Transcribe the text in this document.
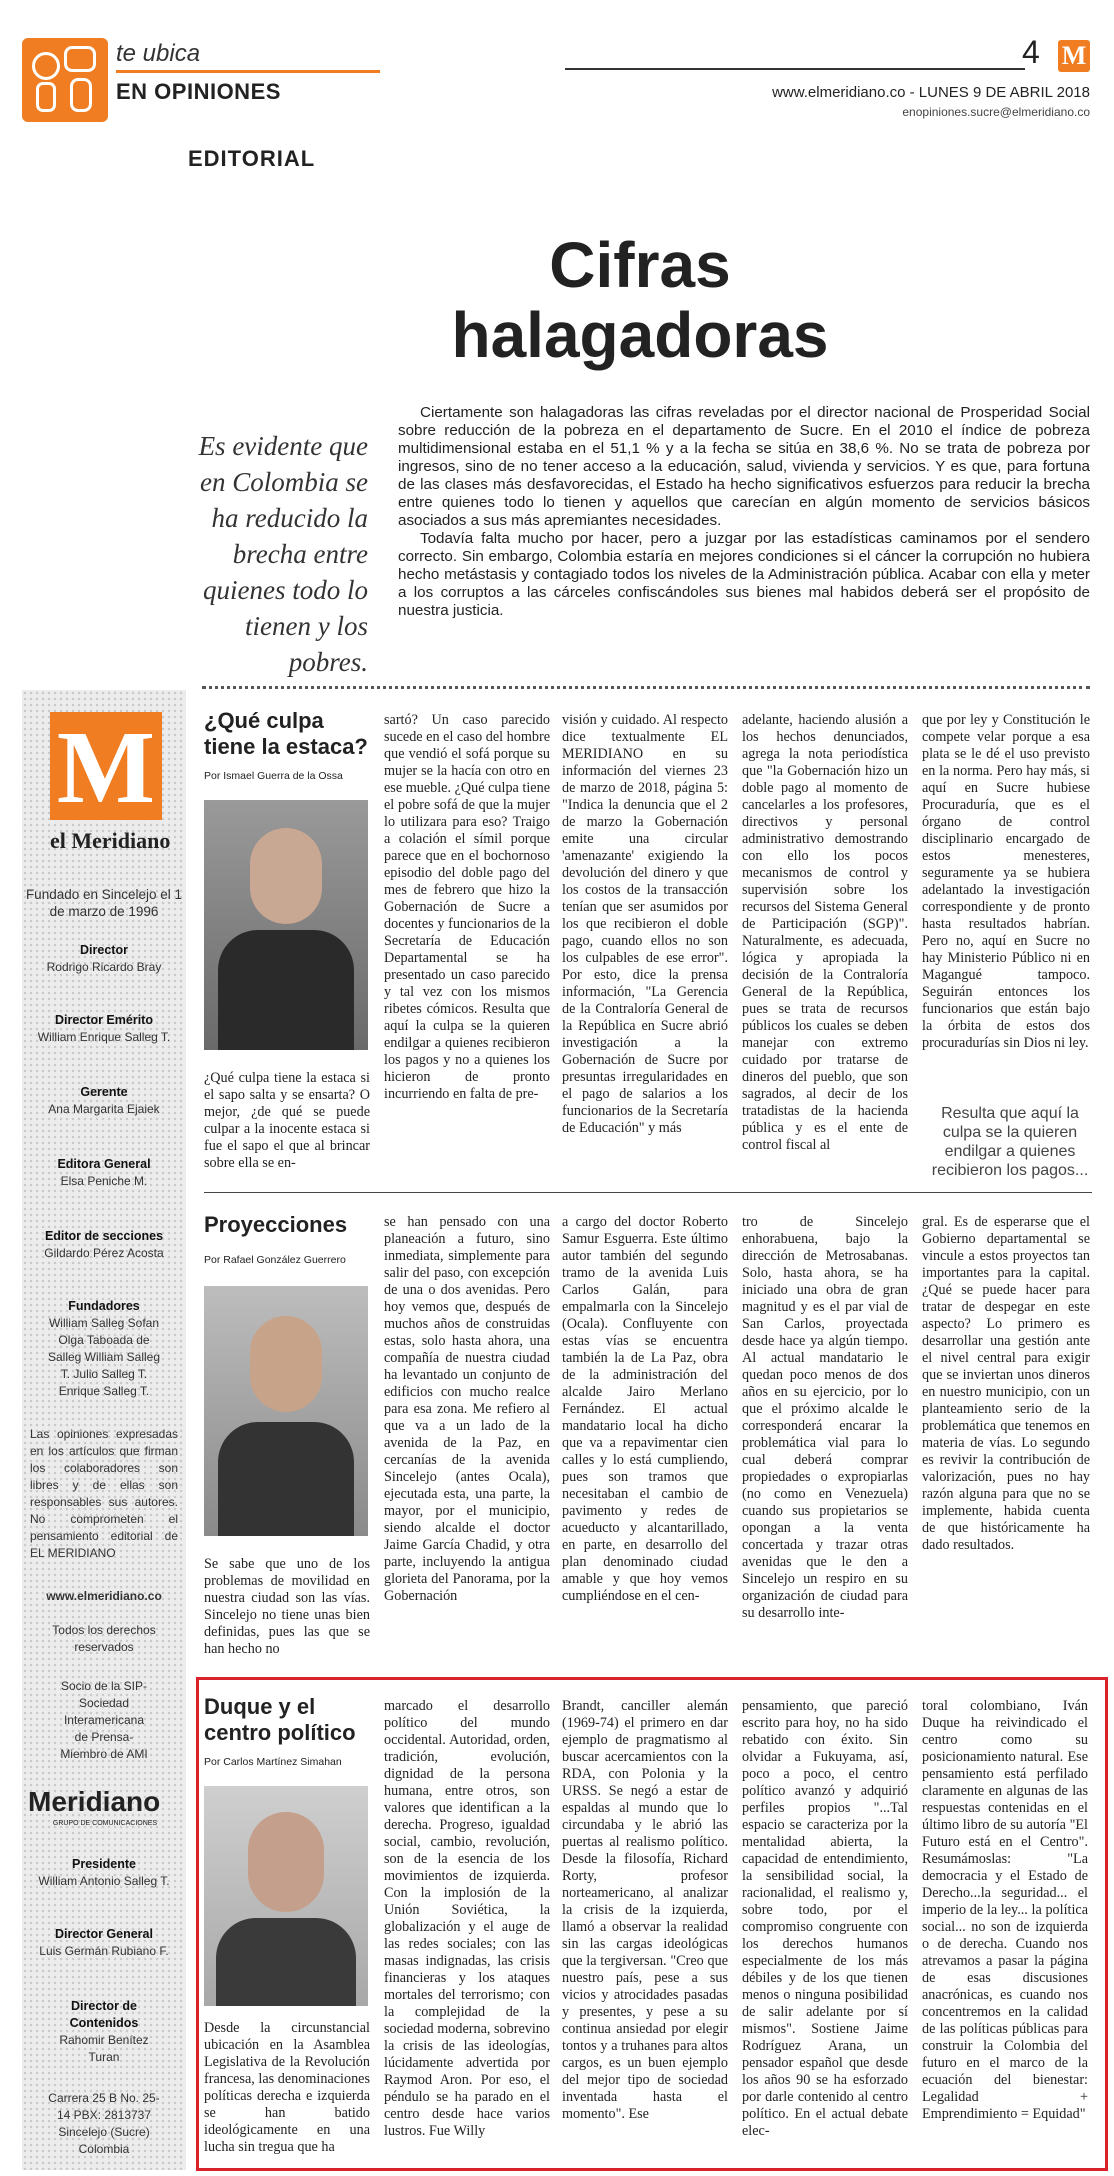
te ubica
EN OPINIONES
4 M
www.elmeridiano.co - LUNES 9 DE ABRIL 2018
enopiniones.sucre@elmeridiano.co
EDITORIAL
Cifras halagadoras
Es evidente que en Colombia se ha reducido la brecha entre quienes todo lo tienen y los pobres.

Ciertamente son halagadoras las cifras reveladas por el director nacional de Prosperidad Social sobre reducción de la pobreza en el departamento de Sucre. En el 2010 el índice de pobreza multidimensional estaba en el 51,1 % y a la fecha se sitúa en 38,6 %. No se trata de pobreza por ingresos, sino de no tener acceso a la educación, salud, vivienda y servicios. Y es que, para fortuna de las clases más desfavorecidas, el Estado ha hecho significativos esfuerzos para reducir la brecha entre quienes todo lo tienen y aquellos que carecían en algún momento de servicios básicos asociados a sus más apremiantes necesidades.

Todavía falta mucho por hacer, pero a juzgar por las estadísticas caminamos por el sendero correcto. Sin embargo, Colombia estaría en mejores condiciones si el cáncer la corrupción no hubiera hecho metástasis y contagiado todos los niveles de la Administración pública. Acabar con ella y meter a los corruptos a las cárceles confiscándoles sus bienes mal habidos deberá ser el propósito de nuestra justicia.

M
el Meridiano
Fundado en Sincelejo el 1 de marzo de 1996
Director
Rodrigo Ricardo Bray
Director Emérito
William Enrique Salleg T.
Gerente
Ana Margarita Ejaiek
Editora General
Elsa Peniche M.
Editor de secciones
Gildardo Pérez Acosta
Fundadores
William Salleg Sofan Olga Taboada de Salleg William Salleg T. Julio Salleg T. Enrique Salleg T.
Las opiniones expresadas en los artículos que firman los colaboradores son libres y de ellas son responsables sus autores. No comprometen el pensamiento editorial de EL MERIDIANO
www.elmeridiano.co
Todos los derechos reservados
Socio de la SIP-Sociedad Interamericana de Prensa- Miembro de AMI
Meridiano
GRUPO DE COMUNICACIONES
Presidente
William Antonio Salleg T.
Director General
Luis Germán Rubiano F.
Director de Contenidos
Rahomir Benítez Turan
Carrera 25 B No. 25-14 PBX: 2813737 Sincelejo (Sucre) Colombia
¿Qué culpa tiene la estaca?
Por Ismael Guerra de la Ossa
¿Qué culpa tiene la estaca si el sapo salta y se ensarta? O mejor, ¿de qué se puede culpar a la inocente estaca si fue el sapo el que al brincar sobre ella se en-
sartó? Un caso parecido sucede en el caso del hombre que vendió el sofá porque su mujer se la hacía con otro en ese mueble. ¿Qué culpa tiene el pobre sofá de que la mujer lo utilizara para eso? Traigo a colación el símil porque parece que en el bochornoso episodio del doble pago del mes de febrero que hizo la Gobernación de Sucre a docentes y funcionarios de la Secretaría de Educación Departamental se ha presentado un caso parecido y tal vez con los mismos ribetes cómicos. Resulta que aquí la culpa se la quieren endilgar a quienes recibieron los pagos y no a quienes los hicieron de pronto incurriendo en falta de pre-
visión y cuidado. Al respecto dice textualmente EL MERIDIANO en su información del viernes 23 de marzo de 2018, página 5: "Indica la denuncia que el 2 de marzo la Gobernación emite una circular 'amenazante' exigiendo la devolución del dinero y que los costos de la transacción tenían que ser asumidos por los que recibieron el doble pago, cuando ellos no son los culpables de ese error". Por esto, dice la prensa información, "La Gerencia de la Contraloría General de la República en Sucre abrió investigación a la Gobernación de Sucre por presuntas irregularidades en el pago de salarios a los funcionarios de la Secretaría de Educación" y más
adelante, haciendo alusión a los hechos denunciados, agrega la nota periodística que "la Gobernación hizo un doble pago al momento de cancelarles a los profesores, directivos y personal administrativo demostrando con ello los pocos mecanismos de control y supervisión sobre los recursos del Sistema General de Participación (SGP)". Naturalmente, es adecuada, lógica y apropiada la decisión de la Contraloría General de la República, pues se trata de recursos públicos los cuales se deben manejar con extremo cuidado por tratarse de dineros del pueblo, que son sagrados, al decir de los tratadistas de la hacienda pública y es el ente de control fiscal al
que por ley y Constitución le compete velar porque a esa plata se le dé el uso previsto en la norma. Pero hay más, si aquí en Sucre hubiese Procuraduría, que es el órgano de control disciplinario encargado de estos menesteres, seguramente ya se hubiera adelantado la investigación correspondiente y de pronto hasta resultados habrían. Pero no, aquí en Sucre no hay Ministerio Público ni en Magangué tampoco. Seguirán entonces los funcionarios que están bajo la órbita de estos dos procuradurías sin Dios ni ley.
Resulta que aquí la culpa se la quieren endilgar a quienes recibieron los pagos...
Proyecciones
Por Rafael González Guerrero
Se sabe que uno de los problemas de movilidad en nuestra ciudad son las vías. Sincelejo no tiene unas bien definidas, pues las que se han hecho no
se han pensado con una planeación a futuro, sino inmediata, simplemente para salir del paso, con excepción de una o dos avenidas. Pero hoy vemos que, después de muchos años de construidas estas, solo hasta ahora, una compañía de nuestra ciudad ha levantado un conjunto de edificios con mucho realce para esa zona. Me refiero al que va a un lado de la avenida de la Paz, en cercanías de la avenida Sincelejo (antes Ocala), ejecutada esta, una parte, la mayor, por el municipio, siendo alcalde el doctor Jaime García Chadid, y otra parte, incluyendo la antigua glorieta del Panorama, por la Gobernación
a cargo del doctor Roberto Samur Esguerra. Este último autor también del segundo tramo de la avenida Luis Carlos Galán, para empalmarla con la Sincelejo (Ocala). Confluyente con estas vías se encuentra también la de La Paz, obra de la administración del alcalde Jairo Merlano Fernández. El actual mandatario local ha dicho que va a repavimentar cien calles y lo está cumpliendo, pues son tramos que necesitaban el cambio de pavimento y redes de acueducto y alcantarillado, en parte, en desarrollo del plan denominado ciudad amable y que hoy vemos cumpliéndose en el cen-
tro de Sincelejo enhorabuena, bajo la dirección de Metrosabanas. Solo, hasta ahora, se ha iniciado una obra de gran magnitud y es el par vial de San Carlos, proyectada desde hace ya algún tiempo. Al actual mandatario le quedan poco menos de dos años en su ejercicio, por lo que el próximo alcalde le corresponderá encarar la problemática vial para lo cual deberá comprar propiedades o expropiarlas (no como en Venezuela) cuando sus propietarios se opongan a la venta concertada y trazar otras avenidas que le den a Sincelejo un respiro en su organización de ciudad para su desarrollo inte-
gral. Es de esperarse que el Gobierno departamental se vincule a estos proyectos tan importantes para la capital. ¿Qué se puede hacer para tratar de despegar en este aspecto? Lo primero es desarrollar una gestión ante el nivel central para exigir que se inviertan unos dineros en nuestro municipio, con un planteamiento serio de la problemática que tenemos en materia de vías. Lo segundo es revivir la contribución de valorización, pues no hay razón alguna para que no se implemente, habida cuenta de que históricamente ha dado resultados.
Duque y el centro político
Por Carlos Martínez Simahan
Desde la circunstancial ubicación en la Asamblea Legislativa de la Revolución francesa, las denominaciones políticas derecha e izquierda se han batido ideológicamente en una lucha sin tregua que ha
marcado el desarrollo político del mundo occidental. Autoridad, orden, tradición, evolución, dignidad de la persona humana, entre otros, son valores que identifican a la derecha. Progreso, igualdad social, cambio, revolución, son de la esencia de los movimientos de izquierda. Con la implosión de la Unión Soviética, la globalización y el auge de las redes sociales; con las masas indignadas, las crisis financieras y los ataques mortales del terrorismo; con la complejidad de la sociedad moderna, sobrevino la crisis de las ideologías, lúcidamente advertida por Raymod Aron. Por eso, el péndulo se ha parado en el centro desde hace varios lustros. Fue Willy
Brandt, canciller alemán (1969-74) el primero en dar ejemplo de pragmatismo al buscar acercamientos con la RDA, con Polonia y la URSS. Se negó a estar de espaldas al mundo que lo circundaba y le abrió las puertas al realismo político. Desde la filosofía, Richard Rorty, profesor norteamericano, al analizar la crisis de la izquierda, llamó a observar la realidad sin las cargas ideológicas que la tergiversan. "Creo que nuestro país, pese a sus vicios y atrocidades pasadas y presentes, y pese a su continua ansiedad por elegir tontos y a truhanes para altos cargos, es un buen ejemplo del mejor tipo de sociedad inventada hasta el momento". Ese
pensamiento, que pareció escrito para hoy, no ha sido rebatido con éxito. Sin olvidar a Fukuyama, así, poco a poco, el centro político avanzó y adquirió perfiles propios "...Tal espacio se caracteriza por la mentalidad abierta, la capacidad de entendimiento, la sensibilidad social, la racionalidad, el realismo y, sobre todo, por el compromiso congruente con los derechos humanos especialmente de los más débiles y de los que tienen menos o ninguna posibilidad de salir adelante por sí mismos". Sostiene Jaime Rodríguez Arana, un pensador español que desde los años 90 se ha esforzado por darle contenido al centro político. En el actual debate elec-
toral colombiano, Iván Duque ha reivindicado el centro como su posicionamiento natural. Ese pensamiento está perfilado claramente en algunas de las respuestas contenidas en el último libro de su autoría "El Futuro está en el Centro". Resumámoslas: "La democracia y el Estado de Derecho...la seguridad... el imperio de la ley... la política social... no son de izquierda o de derecha. Cuando nos atrevamos a pasar la página de esas discusiones anacrónicas, es cuando nos concentremos en la calidad de las políticas públicas para construir la Colombia del futuro en el marco de la ecuación del bienestar: Legalidad + Emprendimiento = Equidad"
